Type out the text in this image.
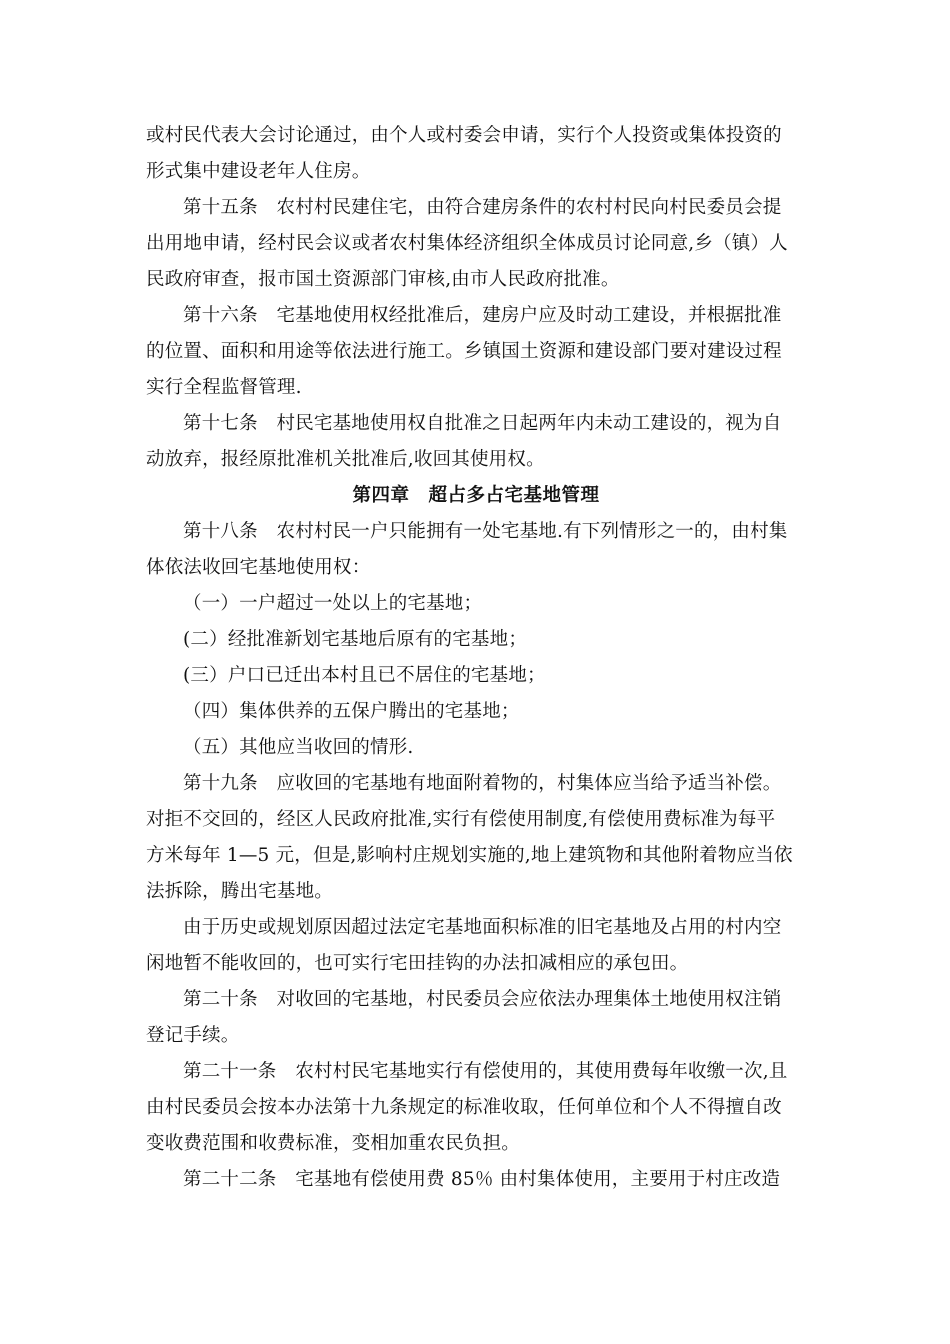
或村民代表大会讨论通过，由个人或村委会申请，实行个人投资或集体投资的
形式集中建设老年人住房。
第十五条　农村村民建住宅，由符合建房条件的农村村民向村民委员会提
出用地申请，经村民会议或者农村集体经济组织全体成员讨论同意,乡（镇）人
民政府审查，报市国土资源部门审核,由市人民政府批准。
第十六条　宅基地使用权经批准后，建房户应及时动工建设，并根据批准
的位置、面积和用途等依法进行施工。乡镇国土资源和建设部门要对建设过程
实行全程监督管理.
第十七条　村民宅基地使用权自批准之日起两年内未动工建设的，视为自
动放弃，报经原批准机关批准后,收回其使用权。
第四章　超占多占宅基地管理
第十八条　农村村民一户只能拥有一处宅基地.有下列情形之一的，由村集
体依法收回宅基地使用权：
（一）一户超过一处以上的宅基地；
(二）经批准新划宅基地后原有的宅基地；
(三）户口已迁出本村且已不居住的宅基地；
（四）集体供养的五保户腾出的宅基地；
（五）其他应当收回的情形.
第十九条　应收回的宅基地有地面附着物的，村集体应当给予适当补偿。
对拒不交回的，经区人民政府批准,实行有偿使用制度,有偿使用费标准为每平
方米每年 1—5 元，但是,影响村庄规划实施的,地上建筑物和其他附着物应当依
法拆除，腾出宅基地。
由于历史或规划原因超过法定宅基地面积标准的旧宅基地及占用的村内空
闲地暂不能收回的，也可实行宅田挂钩的办法扣减相应的承包田。
第二十条　对收回的宅基地，村民委员会应依法办理集体土地使用权注销
登记手续。
第二十一条　农村村民宅基地实行有偿使用的，其使用费每年收缴一次,且
由村民委员会按本办法第十九条规定的标准收取，任何单位和个人不得擅自改
变收费范围和收费标准，变相加重农民负担。
第二十二条　宅基地有偿使用费 85％ 由村集体使用，主要用于村庄改造
